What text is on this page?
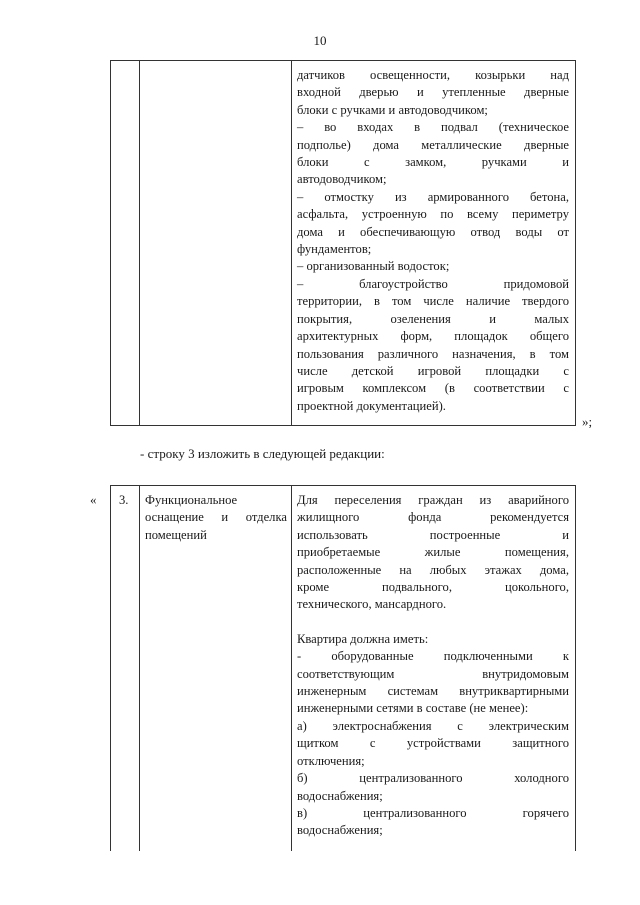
10
датчиков освещенности, козырьки над
входной дверью и утепленные дверные
блоки с ручками и автодоводчиком;
– во входах в подвал (техническое
подполье) дома металлические дверные
блоки с замком, ручками и
автодоводчиком;
– отмостку из армированного бетона,
асфальта, устроенную по всему периметру
дома и обеспечивающую отвод воды от
фундаментов;
– организованный водосток;
– благоустройство придомовой
территории, в том числе наличие твердого
покрытия, озеленения и малых
архитектурных форм, площадок общего
пользования различного назначения, в том
числе детской игровой площадки с
игровым комплексом (в соответствии с
проектной документацией).
»;
- строку 3 изложить в следующей редакции:
« 3.	Функциональное
оснащение и отделка
помещений
Для переселения граждан из аварийного
жилищного фонда рекомендуется
использовать построенные и
приобретаемые жилые помещения,
расположенные на любых этажах дома,
кроме подвального, цокольного,
технического, мансардного.
Квартира должна иметь:
- оборудованные подключенными к
соответствующим внутридомовым
инженерным системам внутриквартирными
инженерными сетями в составе (не менее):
а) электроснабжения с электрическим
щитком с устройствами защитного
отключения;
б) централизованного холодного
водоснабжения;
в) централизованного горячего
водоснабжения;
